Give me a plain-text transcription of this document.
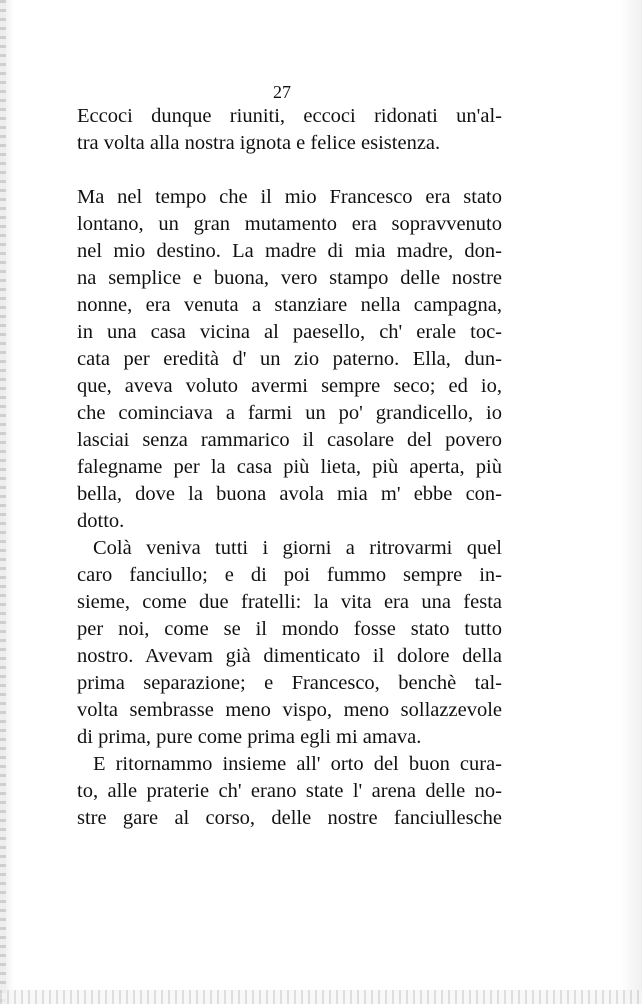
27
Eccoci dunque riuniti, eccoci ridonati un'al-
tra volta alla nostra ignota e felice esistenza.
Ma nel tempo che il mio Francesco era stato
lontano, un gran mutamento era sopravvenuto
nel mio destino. La madre di mia madre, don-
na semplice e buona, vero stampo delle nostre
nonne, era venuta a stanziare nella campagna,
in una casa vicina al paesello, ch' erale toc-
cata per eredità d' un zio paterno. Ella, dun-
que, aveva voluto avermi sempre seco; ed io,
che cominciava a farmi un po' grandicello, io
lasciai senza rammarico il casolare del povero
falegname per la casa più lieta, più aperta, più
bella, dove la buona avola mia m' ebbe con-
dotto.
Colà veniva tutti i giorni a ritrovarmi quel
caro fanciullo; e di poi fummo sempre in-
sieme, come due fratelli: la vita era una festa
per noi, come se il mondo fosse stato tutto
nostro. Avevam già dimenticato il dolore della
prima separazione; e Francesco, benchè tal-
volta sembrasse meno vispo, meno sollazzevole
di prima, pure come prima egli mi amava.
E ritornammo insieme all' orto del buon cura-
to, alle praterie ch' erano state l' arena delle no-
stre gare al corso, delle nostre fanciullesche
